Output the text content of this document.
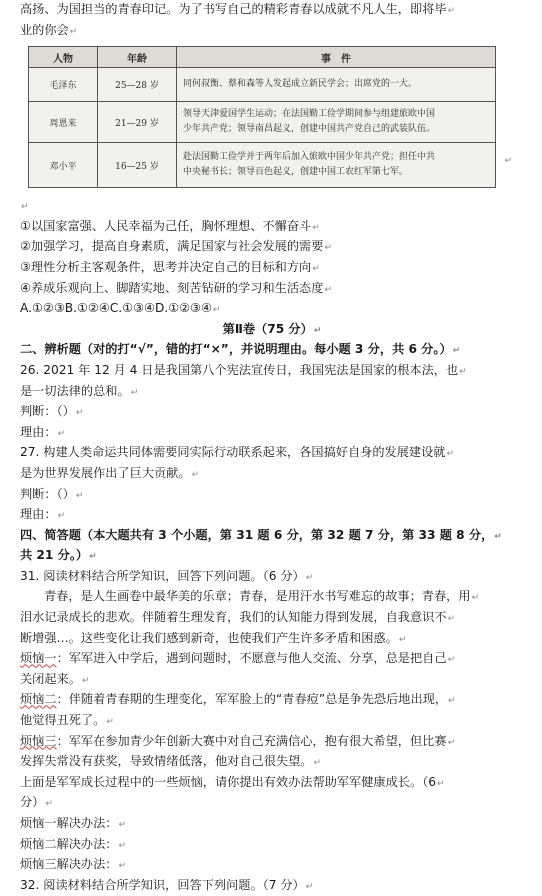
高扬、为国担当的青春印记。为了书写自己的精彩青春以成就不凡人生，即将毕↵
业的你会↵
人物	年龄	事　件
毛泽东	25—28 岁	同何叔衡、蔡和森等人发起成立新民学会；出席党的一大。
周恩来	21—29 岁	领导天津爱国学生运动；在法国勤工俭学期间参与组建旅欧中国
少年共产党；领导南昌起义，创建中国共产党自己的武装队伍。
邓小平	16—25 岁	赴法国勤工俭学并于两年后加入旅欧中国少年共产党；担任中共
中央秘书长；领导百色起义，创建中国工农红军第七军。
↵
↵
①以国家富强、人民幸福为己任，胸怀理想、不懈奋斗↵
②加强学习，提高自身素质，满足国家与社会发展的需要↵
③理性分析主客观条件，思考并决定自己的目标和方向↵
④养成乐观向上、脚踏实地、刻苦钻研的学习和生活态度↵
A.①②③B.①②④C.①③④D.①②③④↵
第Ⅱ卷（75 分）↵
二、辨析题（对的打“√”，错的打“×”，并说明理由。每小题 3 分，共 6 分。）↵
26. 2021 年 12 月 4 日是我国第八个宪法宣传日，我国宪法是国家的根本法，也↵
是一切法律的总和。↵
判断：（）↵
理由：↵
27. 构建人类命运共同体需要同实际行动联系起来，各国搞好自身的发展建设就↵
是为世界发展作出了巨大贡献。↵
判断：（）↵
理由：↵
四、简答题（本大题共有 3 个小题，第 31 题 6 分，第 32 题 7 分，第 33 题 8 分，↵
共 21 分。）↵
31. 阅读材料结合所学知识，回答下列问题。（6 分）↵
青春，是人生画卷中最华美的乐章；青春，是用汗水书写难忘的故事；青春，用↵
泪水记录成长的悲欢。伴随着生理发育，我们的认知能力得到发展，自我意识不↵
断增强…。这些变化让我们感到新奇，也使我们产生许多矛盾和困惑。↵
烦恼一：军军进入中学后，遇到问题时，不愿意与他人交流、分享，总是把自己↵
关闭起来。↵
烦恼二：伴随着青春期的生理变化，军军脸上的“青春痘”总是争先恐后地出现，↵
他觉得丑死了。↵
烦恼三：军军在参加青少年创新大赛中对自己充满信心，抱有很大希望，但比赛↵
发挥失常没有获奖，导致情绪低落，他对自己很失望。↵
上面是军军成长过程中的一些烦恼，请你提出有效办法帮助军军健康成长。（6↵
分）↵
烦恼一解决办法：↵
烦恼二解决办法：↵
烦恼三解决办法：↵
32. 阅读材料结合所学知识，回答下列问题。（7 分）↵
